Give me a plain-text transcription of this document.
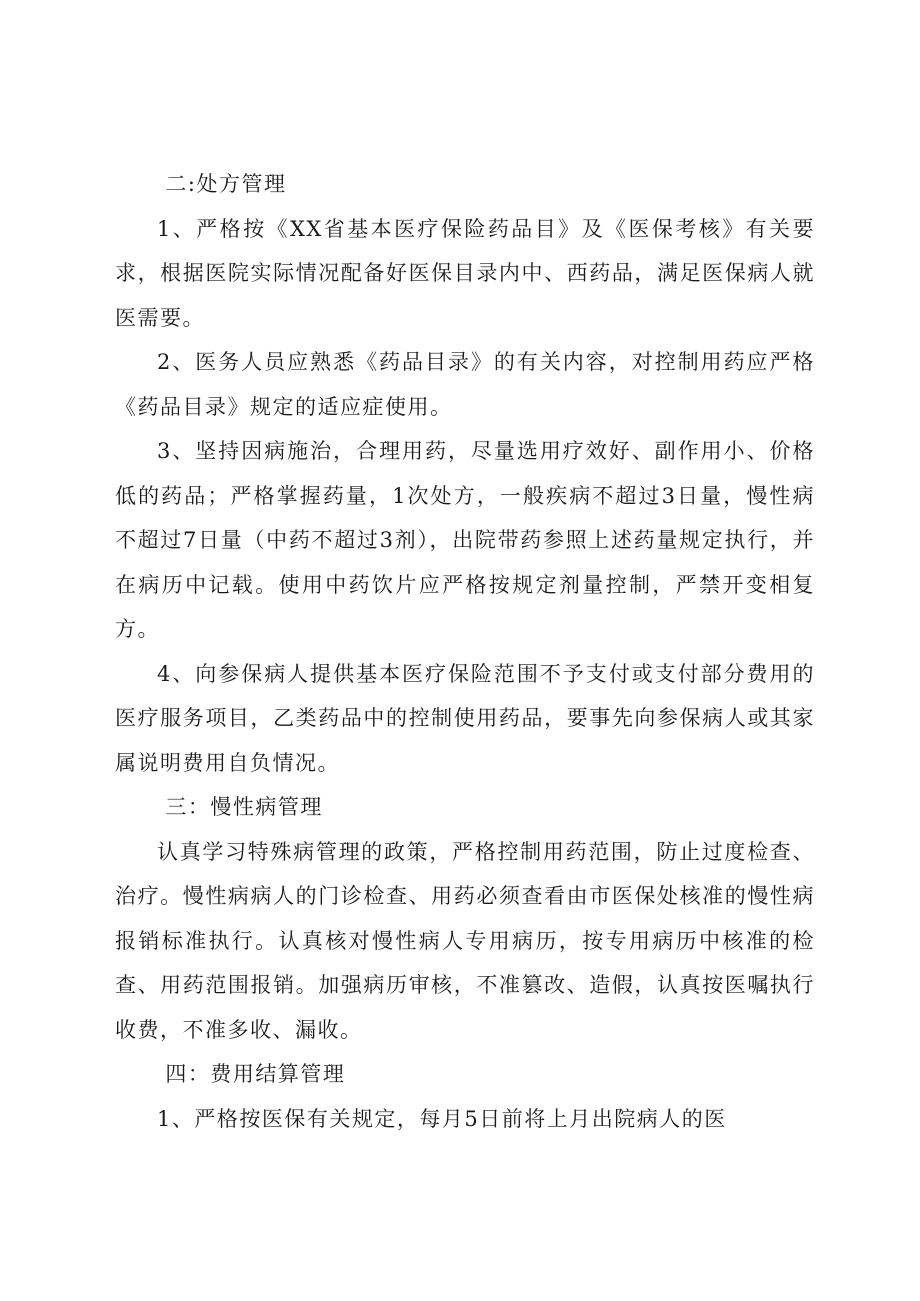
二:处方管理

1、严格按《XX省基本医疗保险药品目》及《医保考核》有关要求，根据医院实际情况配备好医保目录内中、西药品，满足医保病人就医需要。

2、医务人员应熟悉《药品目录》的有关内容，对控制用药应严格《药品目录》规定的适应症使用。

3、坚持因病施治，合理用药，尽量选用疗效好、副作用小、价格低的药品；严格掌握药量，1次处方，一般疾病不超过3日量，慢性病不超过7日量（中药不超过3剂），出院带药参照上述药量规定执行，并在病历中记载。使用中药饮片应严格按规定剂量控制，严禁开变相复方。

4、向参保病人提供基本医疗保险范围不予支付或支付部分费用的医疗服务项目，乙类药品中的控制使用药品，要事先向参保病人或其家属说明费用自负情况。

三：慢性病管理

认真学习特殊病管理的政策，严格控制用药范围，防止过度检查、治疗。慢性病病人的门诊检查、用药必须查看由市医保处核准的慢性病报销标准执行。认真核对慢性病人专用病历，按专用病历中核准的检查、用药范围报销。加强病历审核，不准篡改、造假，认真按医嘱执行收费，不准多收、漏收。

四：费用结算管理

1、严格按医保有关规定，每月5日前将上月出院病人的医
